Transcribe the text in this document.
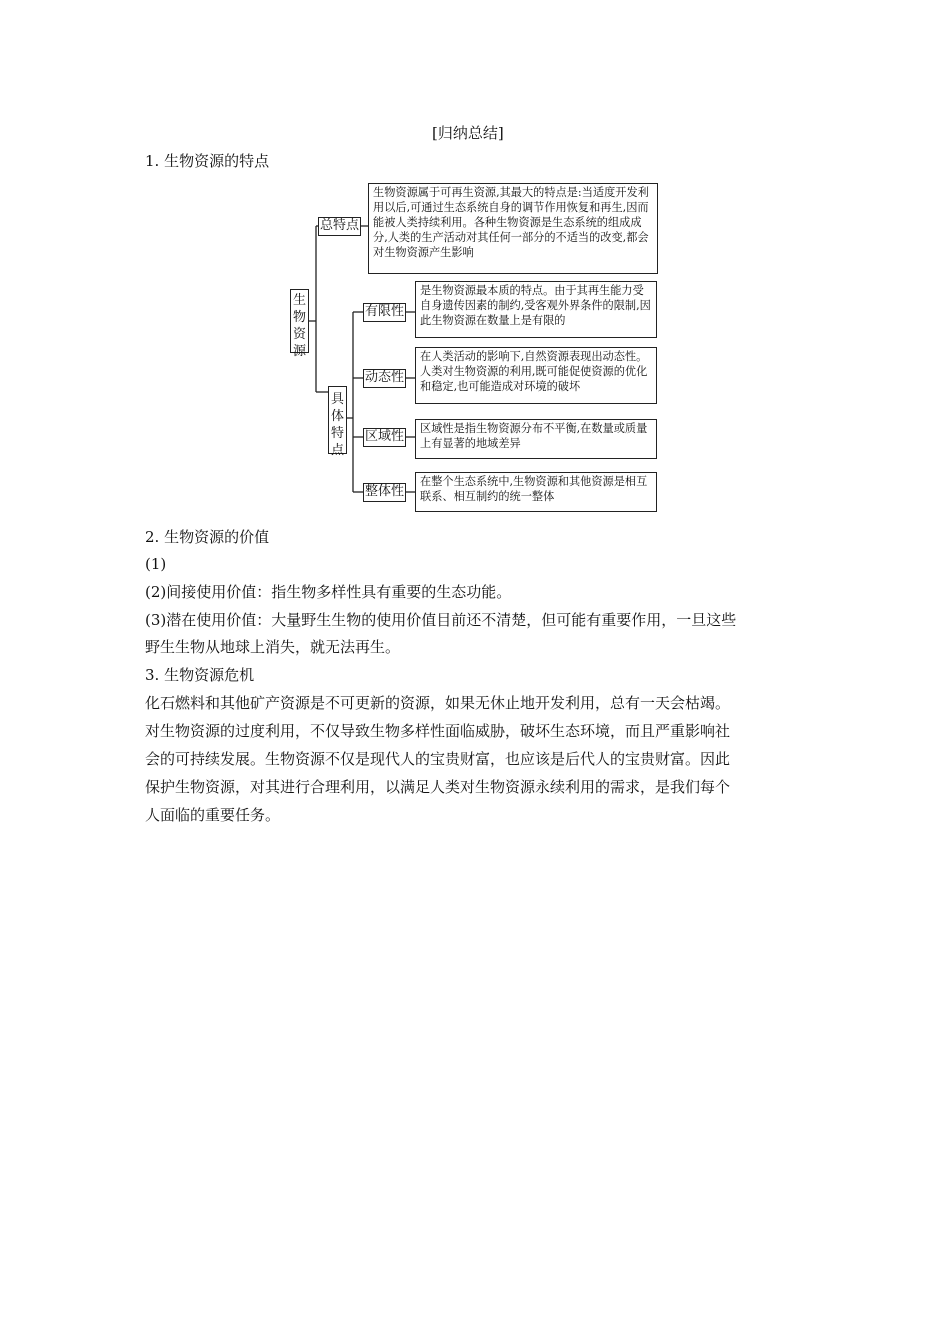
[归纳总结]
1. 生物资源的特点
生
物
资
源
总特点
生物资源属于可再生资源,其最大的特点是:当适度开发利用以后,可通过生态系统自身的调节作用恢复和再生,因而能被人类持续利用。各种生物资源是生态系统的组成成分,人类的生产活动对其任何一部分的不适当的改变,都会对生物资源产生影响
具
体
特
点
有限性
是生物资源最本质的特点。由于其再生能力受自身遗传因素的制约,受客观外界条件的限制,因此生物资源在数量上是有限的
动态性
在人类活动的影响下,自然资源表现出动态性。人类对生物资源的利用,既可能促使资源的优化和稳定,也可能造成对环境的破坏
区域性
区域性是指生物资源分布不平衡,在数量或质量上有显著的地域差异
整体性
在整个生态系统中,生物资源和其他资源是相互联系、相互制约的统一整体
2. 生物资源的价值
(1)
(2)间接使用价值：指生物多样性具有重要的生态功能。
(3)潜在使用价值：大量野生生物的使用价值目前还不清楚，但可能有重要作用，一旦这些
野生生物从地球上消失，就无法再生。
3. 生物资源危机
化石燃料和其他矿产资源是不可更新的资源，如果无休止地开发利用，总有一天会枯竭。
对生物资源的过度利用，不仅导致生物多样性面临威胁，破坏生态环境，而且严重影响社
会的可持续发展。生物资源不仅是现代人的宝贵财富，也应该是后代人的宝贵财富。因此
保护生物资源，对其进行合理利用，以满足人类对生物资源永续利用的需求，是我们每个
人面临的重要任务。
